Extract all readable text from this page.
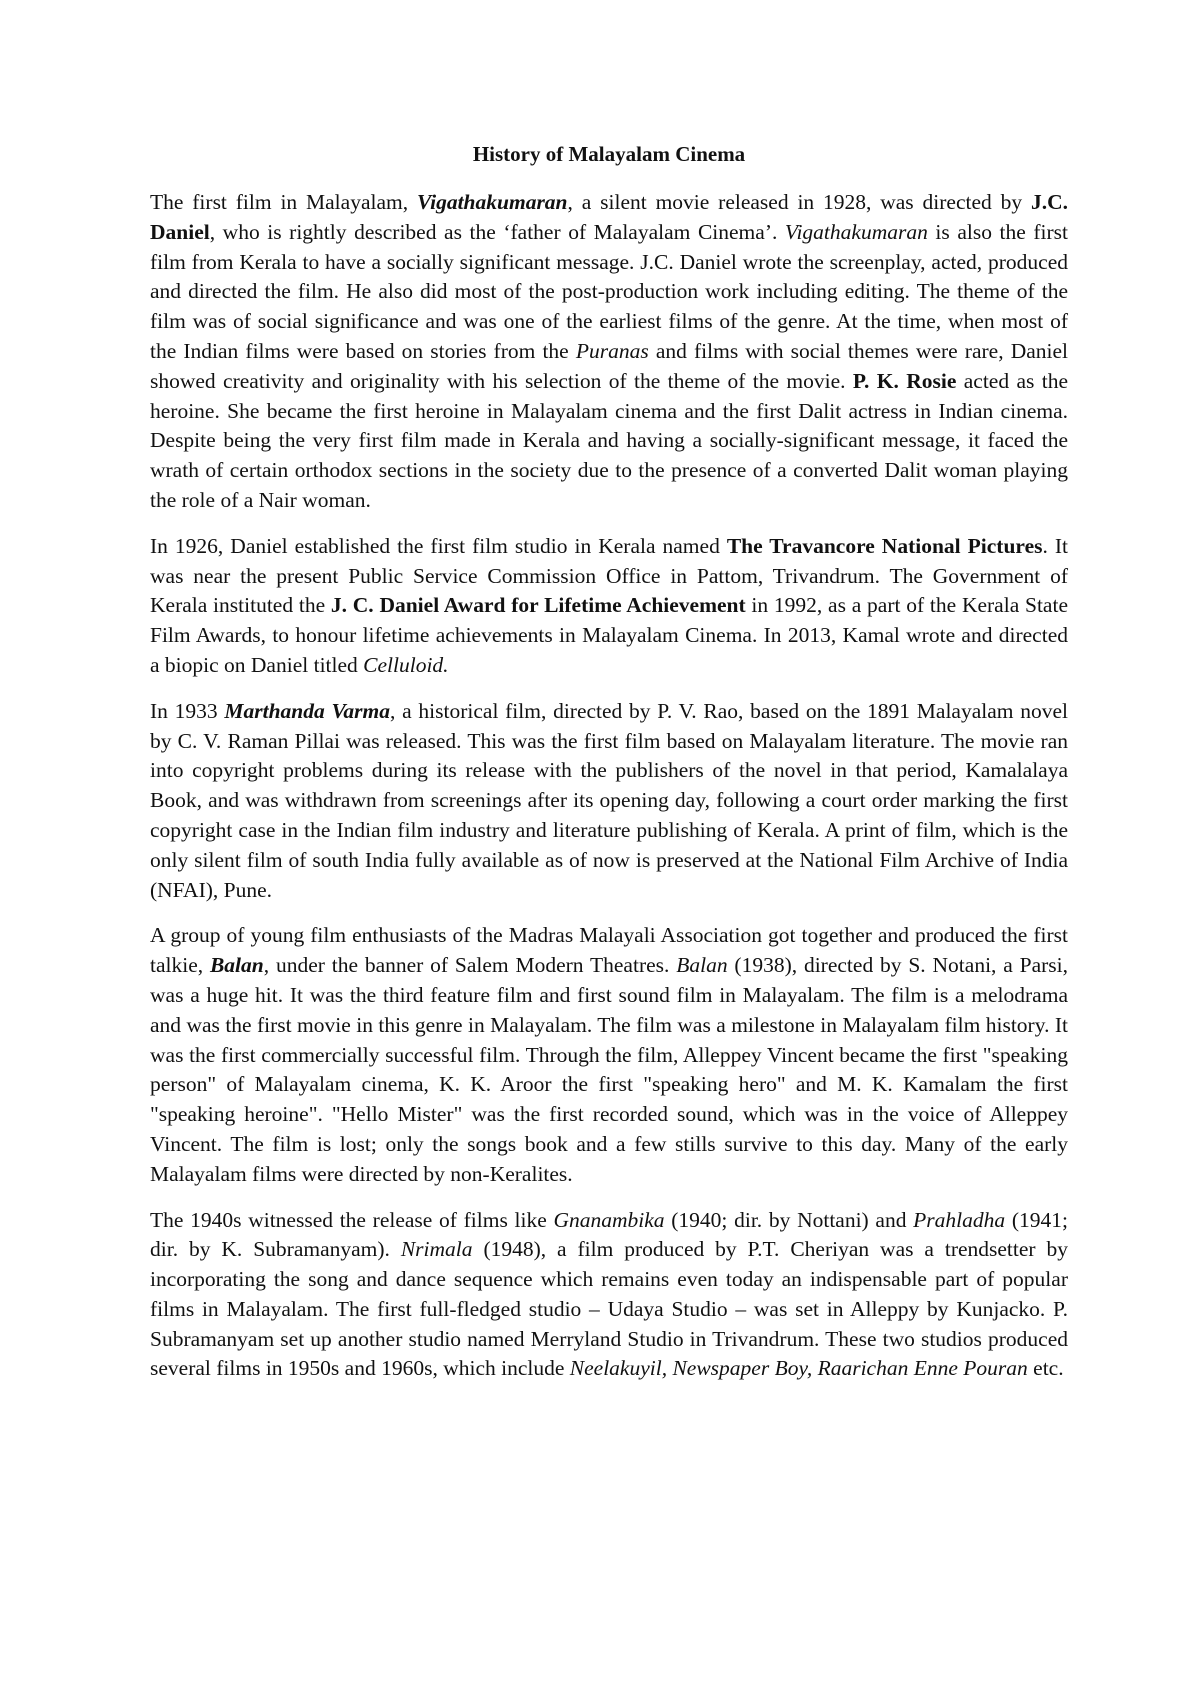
History of Malayalam Cinema

The first film in Malayalam, Vigathakumaran, a silent movie released in 1928, was directed by J.C. Daniel, who is rightly described as the ‘father of Malayalam Cinema’. Vigathakumaran is also the first film from Kerala to have a socially significant message. J.C. Daniel wrote the screenplay, acted, produced and directed the film. He also did most of the post-production work including editing. The theme of the film was of social significance and was one of the earliest films of the genre. At the time, when most of the Indian films were based on stories from the Puranas and films with social themes were rare, Daniel showed creativity and originality with his selection of the theme of the movie. P. K. Rosie acted as the heroine. She became the first heroine in Malayalam cinema and the first Dalit actress in Indian cinema. Despite being the very first film made in Kerala and having a socially-significant message, it faced the wrath of certain orthodox sections in the society due to the presence of a converted Dalit woman playing the role of a Nair woman.

In 1926, Daniel established the first film studio in Kerala named The Travancore National Pictures. It was near the present Public Service Commission Office in Pattom, Trivandrum. The Government of Kerala instituted the J. C. Daniel Award for Lifetime Achievement in 1992, as a part of the Kerala State Film Awards, to honour lifetime achievements in Malayalam Cinema. In 2013, Kamal wrote and directed a biopic on Daniel titled Celluloid.

In 1933 Marthanda Varma, a historical film, directed by P. V. Rao, based on the 1891 Malayalam novel by C. V. Raman Pillai was released. This was the first film based on Malayalam literature. The movie ran into copyright problems during its release with the publishers of the novel in that period, Kamalalaya Book, and was withdrawn from screenings after its opening day, following a court order marking the first copyright case in the Indian film industry and literature publishing of Kerala. A print of film, which is the only silent film of south India fully available as of now is preserved at the National Film Archive of India (NFAI), Pune.

A group of young film enthusiasts of the Madras Malayali Association got together and produced the first talkie, Balan, under the banner of Salem Modern Theatres. Balan (1938), directed by S. Notani, a Parsi, was a huge hit. It was the third feature film and first sound film in Malayalam. The film is a melodrama and was the first movie in this genre in Malayalam. The film was a milestone in Malayalam film history. It was the first commercially successful film. Through the film, Alleppey Vincent became the first "speaking person" of Malayalam cinema, K. K. Aroor the first "speaking hero" and M. K. Kamalam the first "speaking heroine". "Hello Mister" was the first recorded sound, which was in the voice of Alleppey Vincent. The film is lost; only the songs book and a few stills survive to this day. Many of the early Malayalam films were directed by non-Keralites.

The 1940s witnessed the release of films like Gnanambika (1940; dir. by Nottani) and Prahladha (1941; dir. by K. Subramanyam). Nrimala (1948), a film produced by P.T. Cheriyan was a trendsetter by incorporating the song and dance sequence which remains even today an indispensable part of popular films in Malayalam. The first full-fledged studio – Udaya Studio – was set in Alleppy by Kunjacko. P. Subramanyam set up another studio named Merryland Studio in Trivandrum. These two studios produced several films in 1950s and 1960s, which include Neelakuyil, Newspaper Boy, Raarichan Enne Pouran etc.
